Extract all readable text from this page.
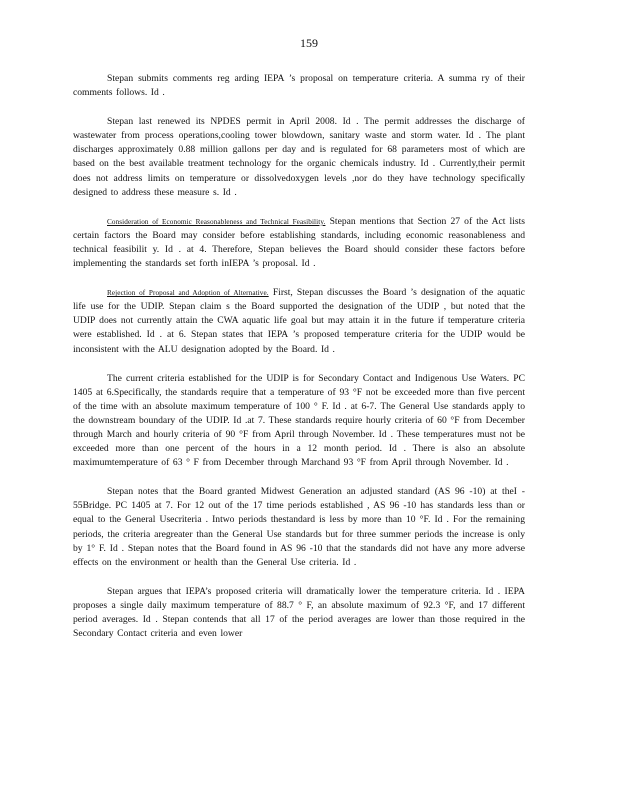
159

Stepan submits comments reg arding IEPA ’s proposal on temperature criteria. A summa ry of their comments follows. Id .

Stepan last renewed its NPDES permit in April 2008. Id . The permit addresses the discharge of wastewater from process operations,cooling tower blowdown, sanitary waste and storm water. Id . The plant discharges approximately 0.88 million gallons per day and is regulated for 68 parameters most of which are based on the best available treatment technology for the organic chemicals industry. Id . Currently,their permit does not address limits on temperature or dissolvedoxygen levels ,nor do they have technology specifically designed to address these measure s. Id .

Consideration of Economic Reasonableness and Technical Feasibility. Stepan mentions that Section 27 of the Act lists certain factors the Board may consider before establishing standards, including economic reasonableness and technical feasibilit y. Id . at 4. Therefore, Stepan believes the Board should consider these factors before implementing the standards set forth inIEPA ’s proposal. Id .

Rejection of Proposal and Adoption of Alternative. First, Stepan discusses the Board ’s designation of the aquatic life use for the UDIP. Stepan claim s the Board supported the designation of the UDIP , but noted that the UDIP does not currently attain the CWA aquatic life goal but may attain it in the future if temperature criteria were established. Id . at 6. Stepan states that IEPA ’s proposed temperature criteria for the UDIP would be inconsistent with the ALU designation adopted by the Board. Id .

The current criteria established for the UDIP is for Secondary Contact and Indigenous Use Waters. PC 1405 at 6.Specifically, the standards require that a temperature of 93 °F not be exceeded more than five percent of the time with an absolute maximum temperature of 100 ° F. Id . at 6-7. The General Use standards apply to the downstream boundary of the UDIP. Id .at 7. These standards require hourly criteria of 60 °F from December through March and hourly criteria of 90 °F from April through November. Id . These temperatures must not be exceeded more than one percent of the hours in a 12 month period. Id . There is also an absolute maximumtemperature of 63 ° F from December through Marchand 93 °F from April through November. Id .

Stepan notes that the Board granted Midwest Generation an adjusted standard (AS 96 -10) at theI - 55Bridge. PC 1405 at 7. For 12 out of the 17 time periods established , AS 96 -10 has standards less than or equal to the General Usecriteria . Intwo periods thestandard is less by more than 10 °F. Id . For the remaining periods, the criteria aregreater than the General Use standards but for three summer periods the increase is only by 1° F. Id . Stepan notes that the Board found in AS 96 -10 that the standards did not have any more adverse effects on the environment or health than the General Use criteria. Id .

Stepan argues that IEPA’s proposed criteria will dramatically lower the temperature criteria. Id . IEPA proposes a single daily maximum temperature of 88.7 ° F, an absolute maximum of 92.3 °F, and 17 different period averages. Id . Stepan contends that all 17 of the period averages are lower than those required in the Secondary Contact criteria and even lower
